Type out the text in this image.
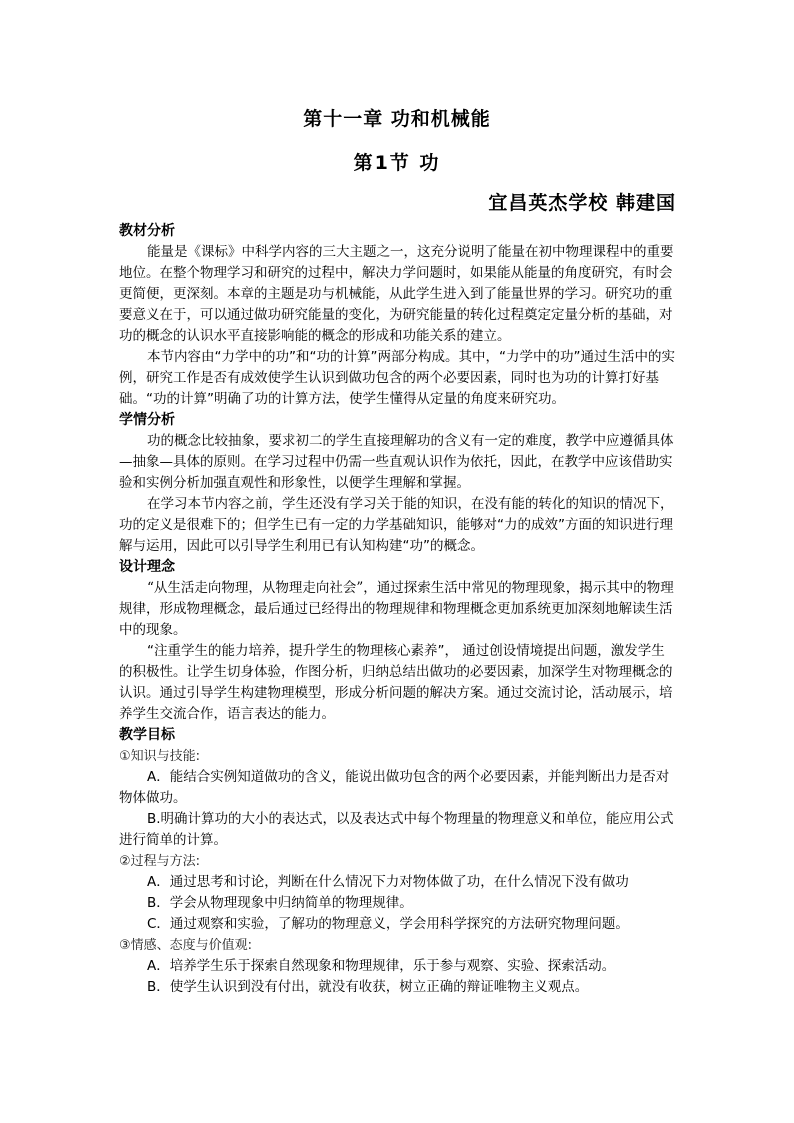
第十一章 功和机械能
第1节 功
宜昌英杰学校 韩建国
教材分析

能量是《课标》中科学内容的三大主题之一，这充分说明了能量在初中物理课程中的重要地位。在整个物理学习和研究的过程中，解决力学问题时，如果能从能量的角度研究，有时会更简便，更深刻。本章的主题是功与机械能，从此学生进入到了能量世界的学习。研究功的重要意义在于，可以通过做功研究能量的变化，为研究能量的转化过程奠定定量分析的基础，对功的概念的认识水平直接影响能的概念的形成和功能关系的建立。

本节内容由“力学中的功”和“功的计算”两部分构成。其中，“力学中的功”通过生活中的实例，研究工作是否有成效使学生认识到做功包含的两个必要因素，同时也为功的计算打好基础。“功的计算”明确了功的计算方法，使学生懂得从定量的角度来研究功。

学情分析

功的概念比较抽象，要求初二的学生直接理解功的含义有一定的难度，教学中应遵循具体—抽象—具体的原则。在学习过程中仍需一些直观认识作为依托，因此，在教学中应该借助实验和实例分析加强直观性和形象性，以便学生理解和掌握。

在学习本节内容之前，学生还没有学习关于能的知识，在没有能的转化的知识的情况下，功的定义是很难下的；但学生已有一定的力学基础知识，能够对“力的成效”方面的知识进行理解与运用，因此可以引导学生利用已有认知构建“功”的概念。

设计理念

“从生活走向物理，从物理走向社会”，通过探索生活中常见的物理现象，揭示其中的物理规律，形成物理概念，最后通过已经得出的物理规律和物理概念更加系统更加深刻地解读生活中的现象。

“注重学生的能力培养，提升学生的物理核心素养”， 通过创设情境提出问题，激发学生的积极性。让学生切身体验，作图分析，归纳总结出做功的必要因素，加深学生对物理概念的认识。通过引导学生构建物理模型，形成分析问题的解决方案。通过交流讨论，活动展示，培养学生交流合作，语言表达的能力。

教学目标
①知识与技能:

A．能结合实例知道做功的含义，能说出做功包含的两个必要因素，并能判断出力是否对物体做功。

B.明确计算功的大小的表达式，以及表达式中每个物理量的物理意义和单位，能应用公式进行简单的计算。

②过程与方法:

A．通过思考和讨论，判断在什么情况下力对物体做了功，在什么情况下没有做功

B．学会从物理现象中归纳简单的物理规律。

C．通过观察和实验，了解功的物理意义，学会用科学探究的方法研究物理问题。

③情感、态度与价值观:

A．培养学生乐于探索自然现象和物理规律，乐于参与观察、实验、探索活动。

B．使学生认识到没有付出，就没有收获，树立正确的辩证唯物主义观点。
